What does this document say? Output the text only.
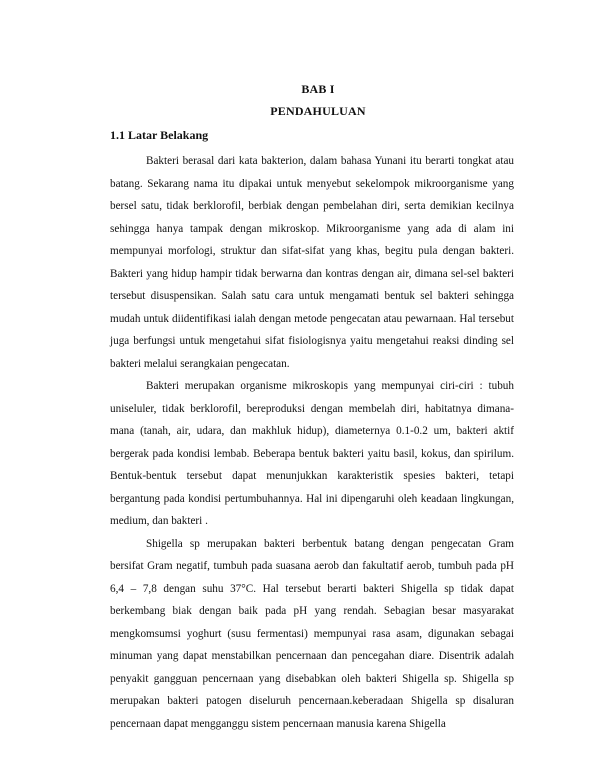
BAB I
PENDAHULUAN
1.1 Latar Belakang

Bakteri berasal dari kata bakterion, dalam bahasa Yunani itu berarti tongkat atau batang. Sekarang nama itu dipakai untuk menyebut sekelompok mikroorganisme yang bersel satu, tidak berklorofil, berbiak dengan pembelahan diri, serta demikian kecilnya sehingga hanya tampak dengan mikroskop. Mikroorganisme yang ada di alam ini mempunyai morfologi, struktur dan sifat-sifat yang khas, begitu pula dengan bakteri. Bakteri yang hidup hampir tidak berwarna dan kontras dengan air, dimana sel-sel bakteri tersebut disuspensikan. Salah satu cara untuk mengamati bentuk sel bakteri sehingga mudah untuk diidentifikasi ialah dengan metode pengecatan atau pewarnaan. Hal tersebut juga berfungsi untuk mengetahui sifat fisiologisnya yaitu mengetahui reaksi dinding sel bakteri melalui serangkaian pengecatan.

Bakteri merupakan organisme mikroskopis yang mempunyai ciri-ciri : tubuh uniseluler, tidak berklorofil, bereproduksi dengan membelah diri, habitatnya dimana-mana (tanah, air, udara, dan makhluk hidup), diameternya 0.1-0.2 um, bakteri aktif bergerak pada kondisi lembab. Beberapa bentuk bakteri yaitu basil, kokus, dan spirilum. Bentuk-bentuk tersebut dapat menunjukkan karakteristik spesies bakteri, tetapi bergantung pada kondisi pertumbuhannya. Hal ini dipengaruhi oleh keadaan lingkungan, medium, dan bakteri .

Shigella sp merupakan bakteri berbentuk batang dengan pengecatan Gram bersifat Gram negatif, tumbuh pada suasana aerob dan fakultatif aerob, tumbuh pada pH 6,4 – 7,8 dengan suhu 37°C. Hal tersebut berarti bakteri Shigella sp tidak dapat berkembang biak dengan baik pada pH yang rendah. Sebagian besar masyarakat mengkomsumsi yoghurt (susu fermentasi) mempunyai rasa asam, digunakan sebagai minuman yang dapat menstabilkan pencernaan dan pencegahan diare. Disentrik adalah penyakit gangguan pencernaan yang disebabkan oleh bakteri Shigella sp. Shigella sp merupakan bakteri patogen diseluruh pencernaan.keberadaan Shigella sp disaluran pencernaan dapat mengganggu sistem pencernaan manusia karena Shigella
